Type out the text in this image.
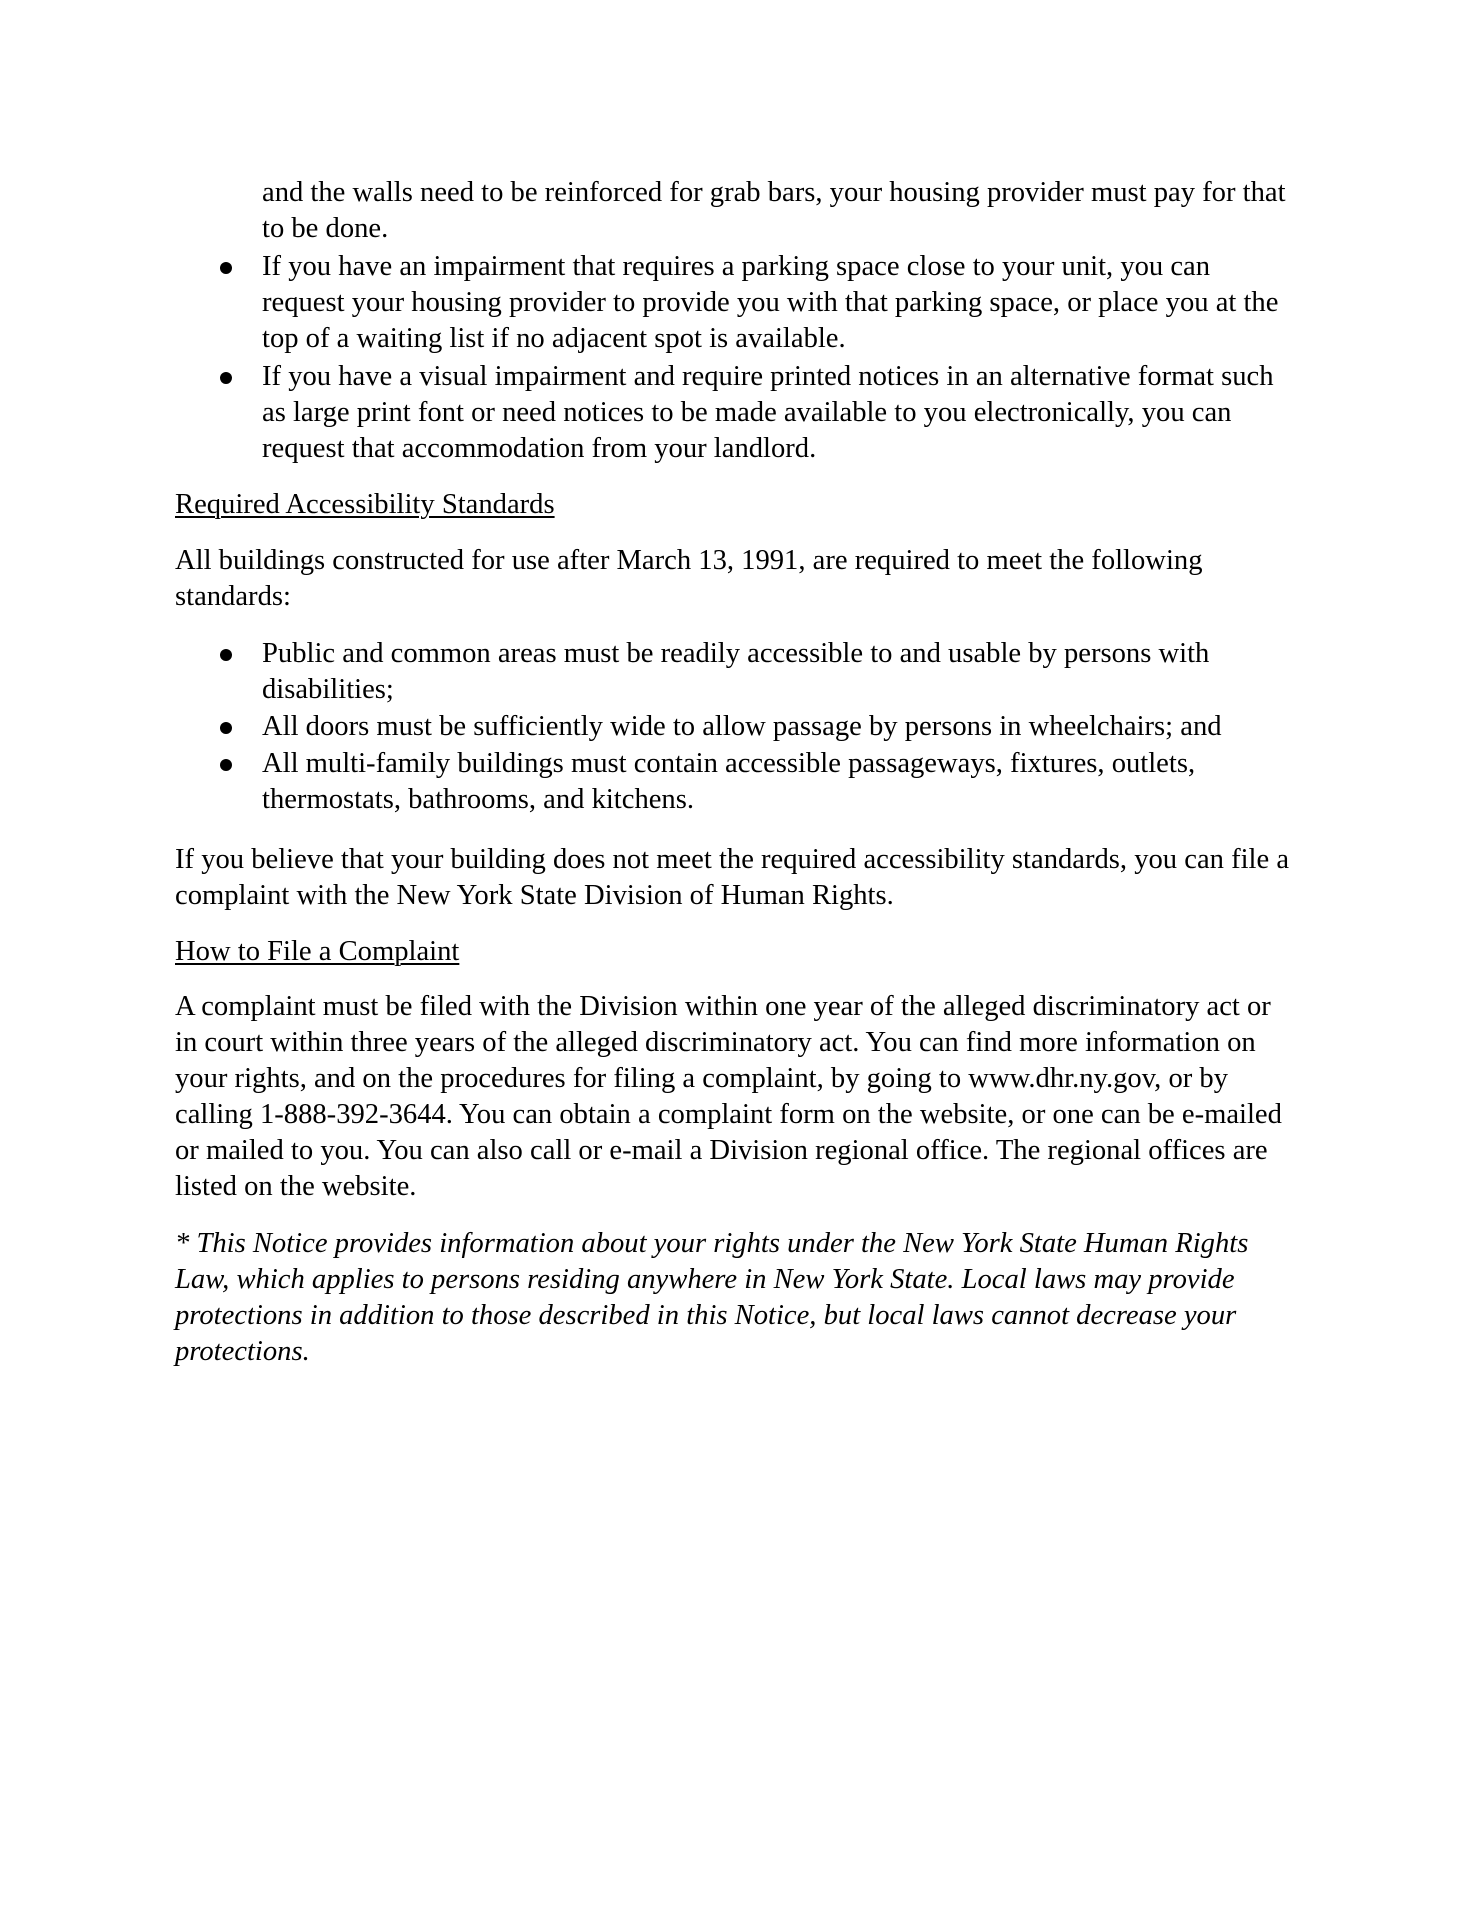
and the walls need to be reinforced for grab bars, your housing provider must pay for that
to be done.
If you have an impairment that requires a parking space close to your unit, you can
request your housing provider to provide you with that parking space, or place you at the
top of a waiting list if no adjacent spot is available.
If you have a visual impairment and require printed notices in an alternative format such
as large print font or need notices to be made available to you electronically, you can
request that accommodation from your landlord.
Required Accessibility Standards
All buildings constructed for use after March 13, 1991, are required to meet the following
standards:
Public and common areas must be readily accessible to and usable by persons with
disabilities;
All doors must be sufficiently wide to allow passage by persons in wheelchairs; and
All multi-family buildings must contain accessible passageways, fixtures, outlets,
thermostats, bathrooms, and kitchens.
If you believe that your building does not meet the required accessibility standards, you can file a
complaint with the New York State Division of Human Rights.
How to File a Complaint
A complaint must be filed with the Division within one year of the alleged discriminatory act or
in court within three years of the alleged discriminatory act. You can find more information on
your rights, and on the procedures for filing a complaint, by going to www.dhr.ny.gov, or by
calling 1-888-392-3644. You can obtain a complaint form on the website, or one can be e-mailed
or mailed to you. You can also call or e-mail a Division regional office. The regional offices are
listed on the website.
* This Notice provides information about your rights under the New York State Human Rights
Law, which applies to persons residing anywhere in New York State. Local laws may provide
protections in addition to those described in this Notice, but local laws cannot decrease your
protections.
